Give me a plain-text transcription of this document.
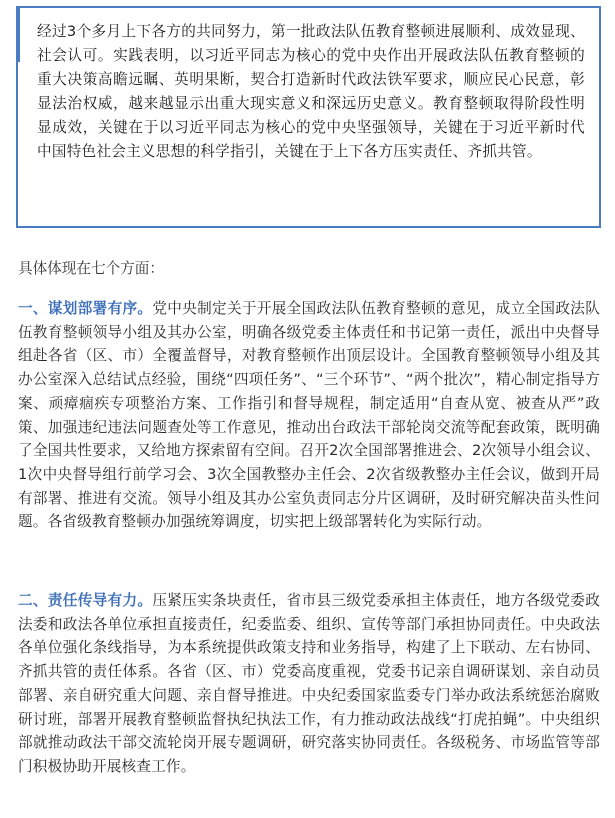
经过3个多月上下各方的共同努力，第一批政法队伍教育整顿进展顺利、成效显现、社会认可。实践表明，以习近平同志为核心的党中央作出开展政法队伍教育整顿的重大决策高瞻远瞩、英明果断，契合打造新时代政法铁军要求，顺应民心民意，彰显法治权威，越来越显示出重大现实意义和深远历史意义。教育整顿取得阶段性明显成效，关键在于以习近平同志为核心的党中央坚强领导，关键在于习近平新时代中国特色社会主义思想的科学指引，关键在于上下各方压实责任、齐抓共管。

具体体现在七个方面：

一、谋划部署有序。党中央制定关于开展全国政法队伍教育整顿的意见，成立全国政法队伍教育整顿领导小组及其办公室，明确各级党委主体责任和书记第一责任，派出中央督导组赴各省（区、市）全覆盖督导，对教育整顿作出顶层设计。全国教育整顿领导小组及其办公室深入总结试点经验，围绕“四项任务”、“三个环节”、“两个批次”，精心制定指导方案、顽瘴痼疾专项整治方案、工作指引和督导规程，制定适用“自查从宽、被查从严”政策、加强违纪违法问题查处等工作意见，推动出台政法干部轮岗交流等配套政策，既明确了全国共性要求，又给地方探索留有空间。召开2次全国部署推进会、2次领导小组会议、1次中央督导组行前学习会、3次全国教整办主任会、2次省级教整办主任会议，做到开局有部署、推进有交流。领导小组及其办公室负责同志分片区调研，及时研究解决苗头性问题。各省级教育整顿办加强统筹调度，切实把上级部署转化为实际行动。

二、责任传导有力。压紧压实条块责任，省市县三级党委承担主体责任，地方各级党委政法委和政法各单位承担直接责任，纪委监委、组织、宣传等部门承担协同责任。中央政法各单位强化条线指导，为本系统提供政策支持和业务指导，构建了上下联动、左右协同、齐抓共管的责任体系。各省（区、市）党委高度重视，党委书记亲自调研谋划、亲自动员部署、亲自研究重大问题、亲自督导推进。中央纪委国家监委专门举办政法系统惩治腐败研讨班，部署开展教育整顿监督执纪执法工作，有力推动政法战线“打虎拍蝇”。中央组织部就推动政法干部交流轮岗开展专题调研，研究落实协同责任。各级税务、市场监管等部门积极协助开展核查工作。
